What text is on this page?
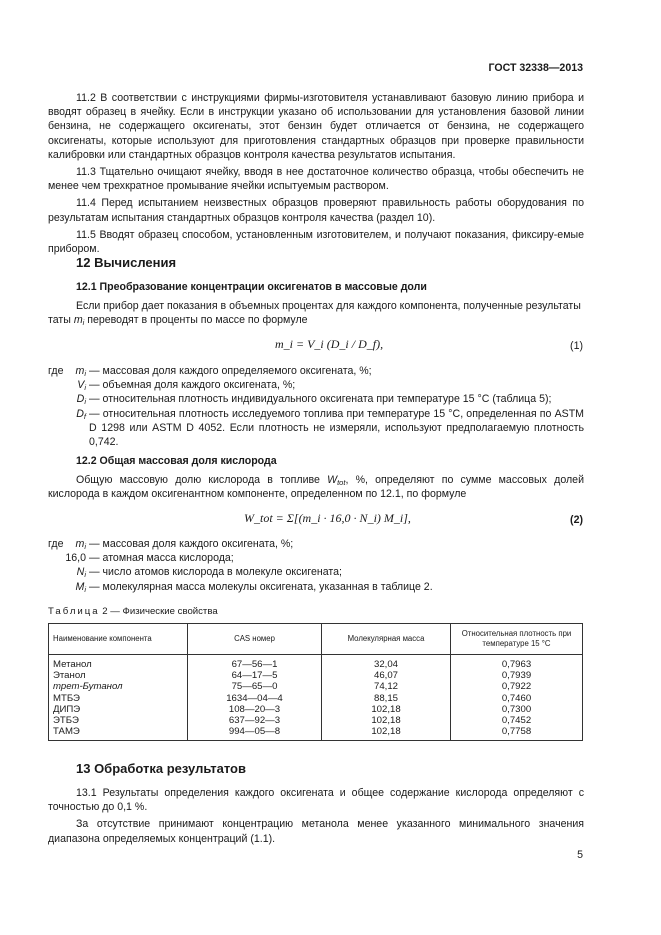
ГОСТ 32338—2013

11.2 В соответствии с инструкциями фирмы-изготовителя устанавливают базовую линию прибора и вводят образец в ячейку. Если в инструкции указано об использовании для установления базовой линии бензина, не содержащего оксигенаты, этот бензин будет отличается от бензина, не содержащего оксигенаты, которые используют для приготовления стандартных образцов при проверке правильности калибровки или стандартных образцов контроля качества результатов испытания.

11.3 Тщательно очищают ячейку, вводя в нее достаточное количество образца, чтобы обеспечить не менее чем трехкратное промывание ячейки испытуемым раствором.

11.4 Перед испытанием неизвестных образцов проверяют правильность работы оборудования по результатам испытания стандартных образцов контроля качества (раздел 10).

11.5 Вводят образец способом, установленным изготовителем, и получают показания, фиксиру-емые прибором.

12 Вычисления
12.1 Преобразование концентрации оксигенатов в массовые доли
Если прибор дает показания в объемных процентах для каждого компонента, полученные результаты
таты $m_i$ переводят в проценты по массе по формуле
m_i = V_i (D_i / D_f),	(1)
где	$m_i$ — массовая доля каждого определяемого оксигената, %;
$V_i$ — объемная доля каждого оксигената, %;
$D_i$ — относительная плотность индивидуального оксигената при температуре 15 °С (таблица 5);
$D_f$ — относительная плотность исследуемого топлива при температуре 15 °С, определенная по ASTM D 1298 или ASTM D 4052. Если плотность не измеряли, используют предполагаемую плотность 0,742.
12.2 Общая массовая доля кислорода
Общую массовую долю кислорода в топливе $W_{tot}$, %, определяют по сумме массовых долей кислорода в каждом оксигенантном компоненте, определенном по 12.1, по формуле
W_tot = Σ[(m_i · 16,0 · N_i) M_i],	(2)
где	$m_i$ — массовая доля каждого оксигената, %;
16,0 — атомная масса кислорода;
$N_i$ — число атомов кислорода в молекуле оксигената;
$M_i$ — молекулярная масса молекулы оксигената, указанная в таблице 2.
Таблица 2 — Физические свойства
Наименование компонента	CAS номер	Молекулярная масса	Относительная плотность при температуре 15 °С
Метанол	67—56—1	32,04	0,7963
Этанол	64—17—5	46,07	0,7939
трет-Бутанол	75—65—0	74,12	0,7922
МТБЭ	1634—04—4	88,15	0,7460
ДИПЭ	108—20—3	102,18	0,7300
ЭТБЭ	637—92—3	102,18	0,7452
ТАМЭ	994—05—8	102,18	0,7758
13 Обработка результатов

13.1 Результаты определения каждого оксигената и общее содержание кислорода определяют с точностью до 0,1 %.

За отсутствие принимают концентрацию метанола менее указанного минимального значения диапазона определяемых концентраций (1.1).

5
